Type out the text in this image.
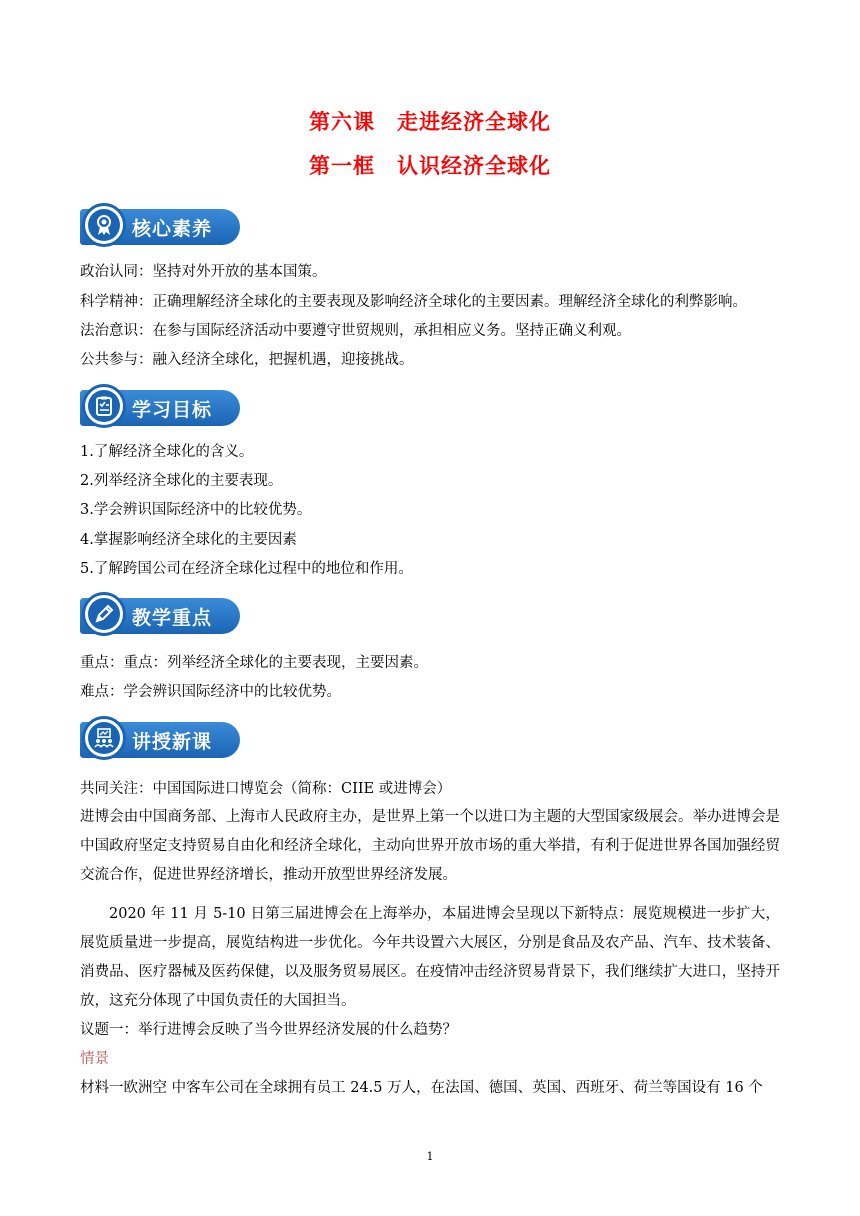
第六课 走进经济全球化
第一框 认识经济全球化
核心素养
政治认同：坚持对外开放的基本国策。
科学精神：正确理解经济全球化的主要表现及影响经济全球化的主要因素。理解经济全球化的利弊影响。
法治意识：在参与国际经济活动中要遵守世贸规则，承担相应义务。坚持正确义利观。
公共参与：融入经济全球化，把握机遇，迎接挑战。
学习目标
1.了解经济全球化的含义。
2.列举经济全球化的主要表现。
3.学会辨识国际经济中的比较优势。
4.掌握影响经济全球化的主要因素
5.了解跨国公司在经济全球化过程中的地位和作用。
教学重点
重点：重点：列举经济全球化的主要表现，主要因素。
难点：学会辨识国际经济中的比较优势。
讲授新课
共同关注：中国国际进口博览会（简称：CIIE 或进博会）
进博会由中国商务部、上海市人民政府主办，是世界上第一个以进口为主题的大型国家级展会。举办进博会是中国政府坚定支持贸易自由化和经济全球化，主动向世界开放市场的重大举措，有利于促进世界各国加强经贸交流合作，促进世界经济增长，推动开放型世界经济发展。
2020 年 11 月 5-10 日第三届进博会在上海举办，本届进博会呈现以下新特点：展览规模进一步扩大，展览质量进一步提高，展览结构进一步优化。今年共设置六大展区，分别是食品及农产品、汽车、技术装备、消费品、医疗器械及医药保健，以及服务贸易展区。在疫情冲击经济贸易背景下，我们继续扩大进口，坚持开放，这充分体现了中国负责任的大国担当。
议题一：举行进博会反映了当今世界经济发展的什么趋势？
情景
材料一欧洲空 中客车公司在全球拥有员工 24.5 万人，在法国、德国、英国、西班牙、荷兰等国设有 16 个
1
